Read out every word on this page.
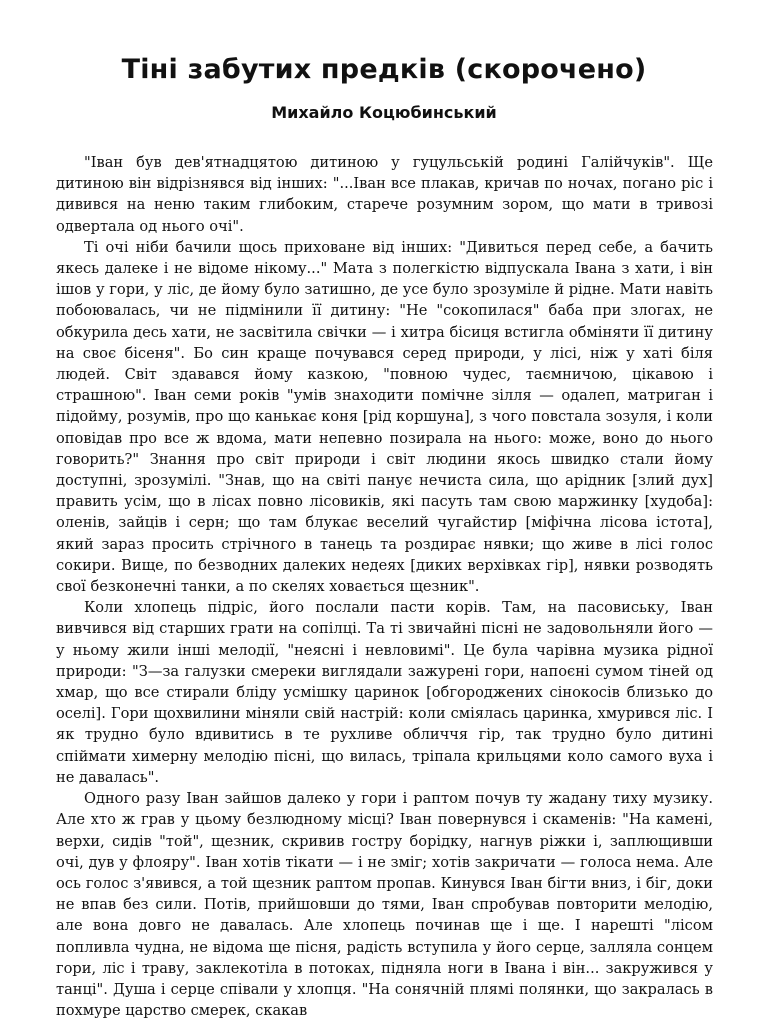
Тіні забутих предків (скорочено)
Михайло Коцюбинський

"Іван був дев'ятнадцятою дитиною у гуцульській родині Галійчуків". Ще дитиною він відрізнявся від інших: "...Іван все плакав, кричав по ночах, погано ріс і дивився на неню таким глибоким, старече розумним зором, що мати в тривозі одвертала од нього очі".

Ті очі ніби бачили щось приховане від інших: "Дивиться перед себе, а бачить якесь далеке і не відоме нікому..." Мата з полегкістю відпускала Івана з хати, і він ішов у гори, у ліс, де йому було затишно, де усе було зрозуміле й рідне. Мати навіть побоювалась, чи не підмінили її дитину: "Не "сокопилася" баба при злогах, не обкурила десь хати, не засвітила свічки — і хитра бісиця встигла обміняти її дитину на своє бісеня". Бо син краще почувався серед природи, у лісі, ніж у хаті біля людей. Світ здавався йому казкою, "повною чудес, таємничою, цікавою і страшною". Іван семи років "умів знаходити помічне зілля — одалеп, матриган і підойму, розумів, про що канькає коня [рід коршуна], з чого повстала зозуля, і коли оповідав про все ж вдома, мати непевно позирала на нього: може, воно до нього говорить?" Знання про світ природи і світ людини якось швидко стали йому доступні, зрозумілі. "Знав, що на світі панує нечиста сила, що арідник [злий дух] править усім, що в лісах повно лісовиків, які пасуть там свою маржинку [худоба]: оленів, зайців і серн; що там блукає веселий чугайстир [міфічна лісова істота], який зараз просить стрічного в танець та роздирає нявки; що живе в лісі голос сокири. Вище, по безводних далеких недеях [диких верхівках гір], нявки розводять свої безконечні танки, а по скелях ховається щезник".

Коли хлопець підріс, його послали пасти корів. Там, на пасовиську, Іван вивчився від старших грати на сопілці. Та ті звичайні пісні не задовольняли його — у ньому жили інші мелодії, "неясні і невловимі". Це була чарівна музика рідної природи: "З—за галузки смереки виглядали зажурені гори, напоєні сумом тіней од хмар, що все стирали бліду усмішку царинок [обгороджених сінокосів близько до оселі]. Гори щохвилини міняли свій настрій: коли сміялась царинка, хмурився ліс. І як трудно було вдивитись в те рухливе обличчя гір, так трудно було дитині спіймати химерну мелодію пісні, що вилась, тріпала крильцями коло самого вуха і не давалась".

Одного разу Іван зайшов далеко у гори і раптом почув ту жадану тиху музику. Але хто ж грав у цьому безлюдному місці? Іван повернувся і скаменів: "На камені, верхи, сидів "той", щезник, скривив гостру борідку, нагнув ріжки і, заплющивши очі, дув у флояру". Іван хотів тікати — і не зміг; хотів закричати — голоса нема. Але ось голос з'явився, а той щезник раптом пропав. Кинувся Іван бігти вниз, і біг, доки не впав без сили. Потів, прийшовши до тями, Іван спробував повторити мелодію, але вона довго не давалась. Але хлопець починав ще і ще. І нарешті "лісом попливла чудна, не відома ще пісня, радість вступила у його серце, залляла сонцем гори, ліс і траву, заклекотіла в потоках, підняла ноги в Івана і він... закружився у танці". Душа і серце співали у хлопця. "На сонячній плямі полянки, що закралась в похмуре царство смерек, скакав
